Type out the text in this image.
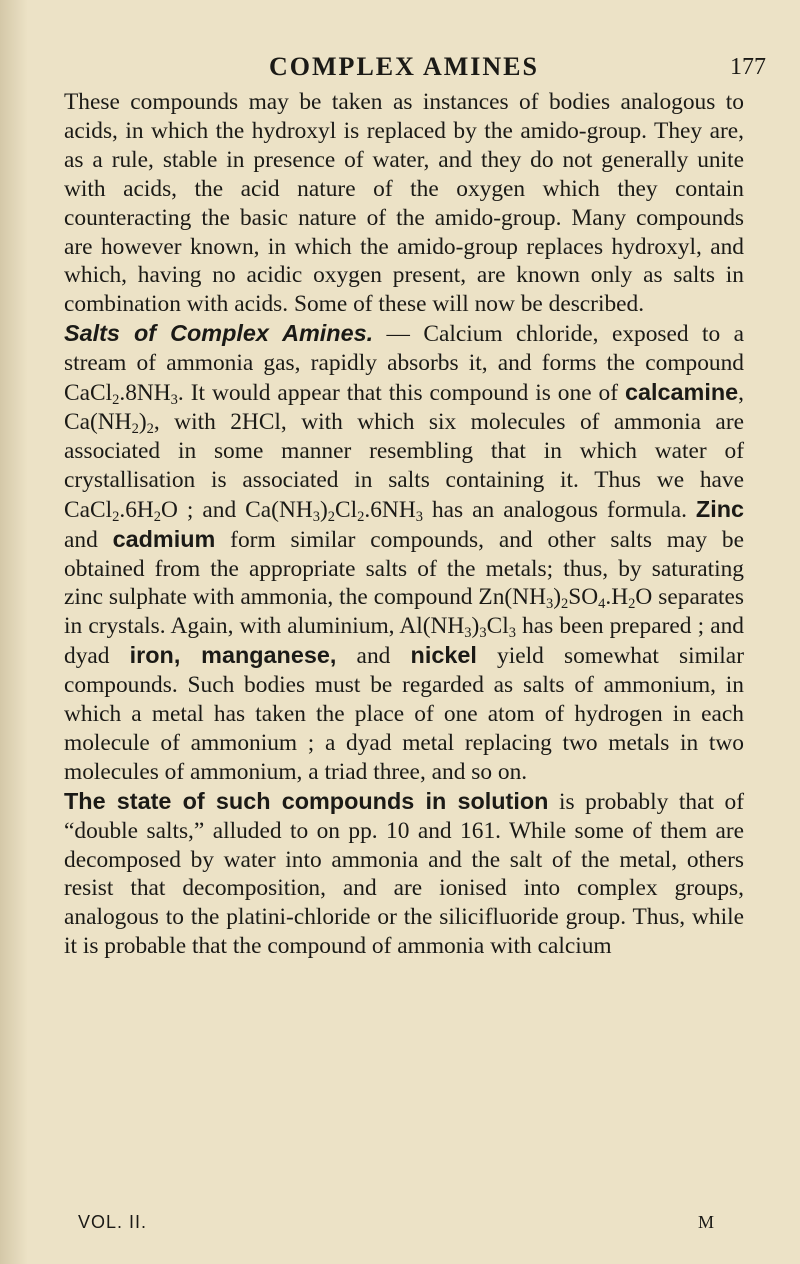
COMPLEX AMINES	177

These compounds may be taken as instances of bodies analogous to acids, in which the hydroxyl is replaced by the amido-group. They are, as a rule, stable in presence of water, and they do not generally unite with acids, the acid nature of the oxygen which they contain counteracting the basic nature of the amido-group. Many compounds are however known, in which the amido-group replaces hydroxyl, and which, having no acidic oxygen present, are known only as salts in combination with acids. Some of these will now be described.

Salts of Complex Amines. — Calcium chloride, exposed to a stream of ammonia gas, rapidly absorbs it, and forms the compound $CaCl_2.8NH_3$. It would appear that this compound is one of calcamine, $Ca(NH_2)_2$, with 2HCl, with which six molecules of ammonia are associated in some manner resembling that in which water of crystallisation is associated in salts containing it. Thus we have $CaCl_2.6H_2O$ ; and $Ca(NH_3)_2Cl_2.6NH_3$ has an analogous formula. Zinc and cadmium form similar compounds, and other salts may be obtained from the appropriate salts of the metals; thus, by saturating zinc sulphate with ammonia, the compound $Zn(NH_3)_2SO_4.H_2O$ separates in crystals. Again, with aluminium, $Al(NH_3)_3Cl_3$ has been prepared ; and dyad iron, manganese, and nickel yield somewhat similar compounds. Such bodies must be regarded as salts of ammonium, in which a metal has taken the place of one atom of hydrogen in each molecule of ammonium ; a dyad metal replacing two metals in two molecules of ammonium, a triad three, and so on.

The state of such compounds in solution is probably that of “double salts,” alluded to on pp. 10 and 161. While some of them are decomposed by water into ammonia and the salt of the metal, others resist that decomposition, and are ionised into complex groups, analogous to the platini-chloride or the silicifluoride group. Thus, while it is probable that the compound of ammonia with calcium

VOL. II.	M
